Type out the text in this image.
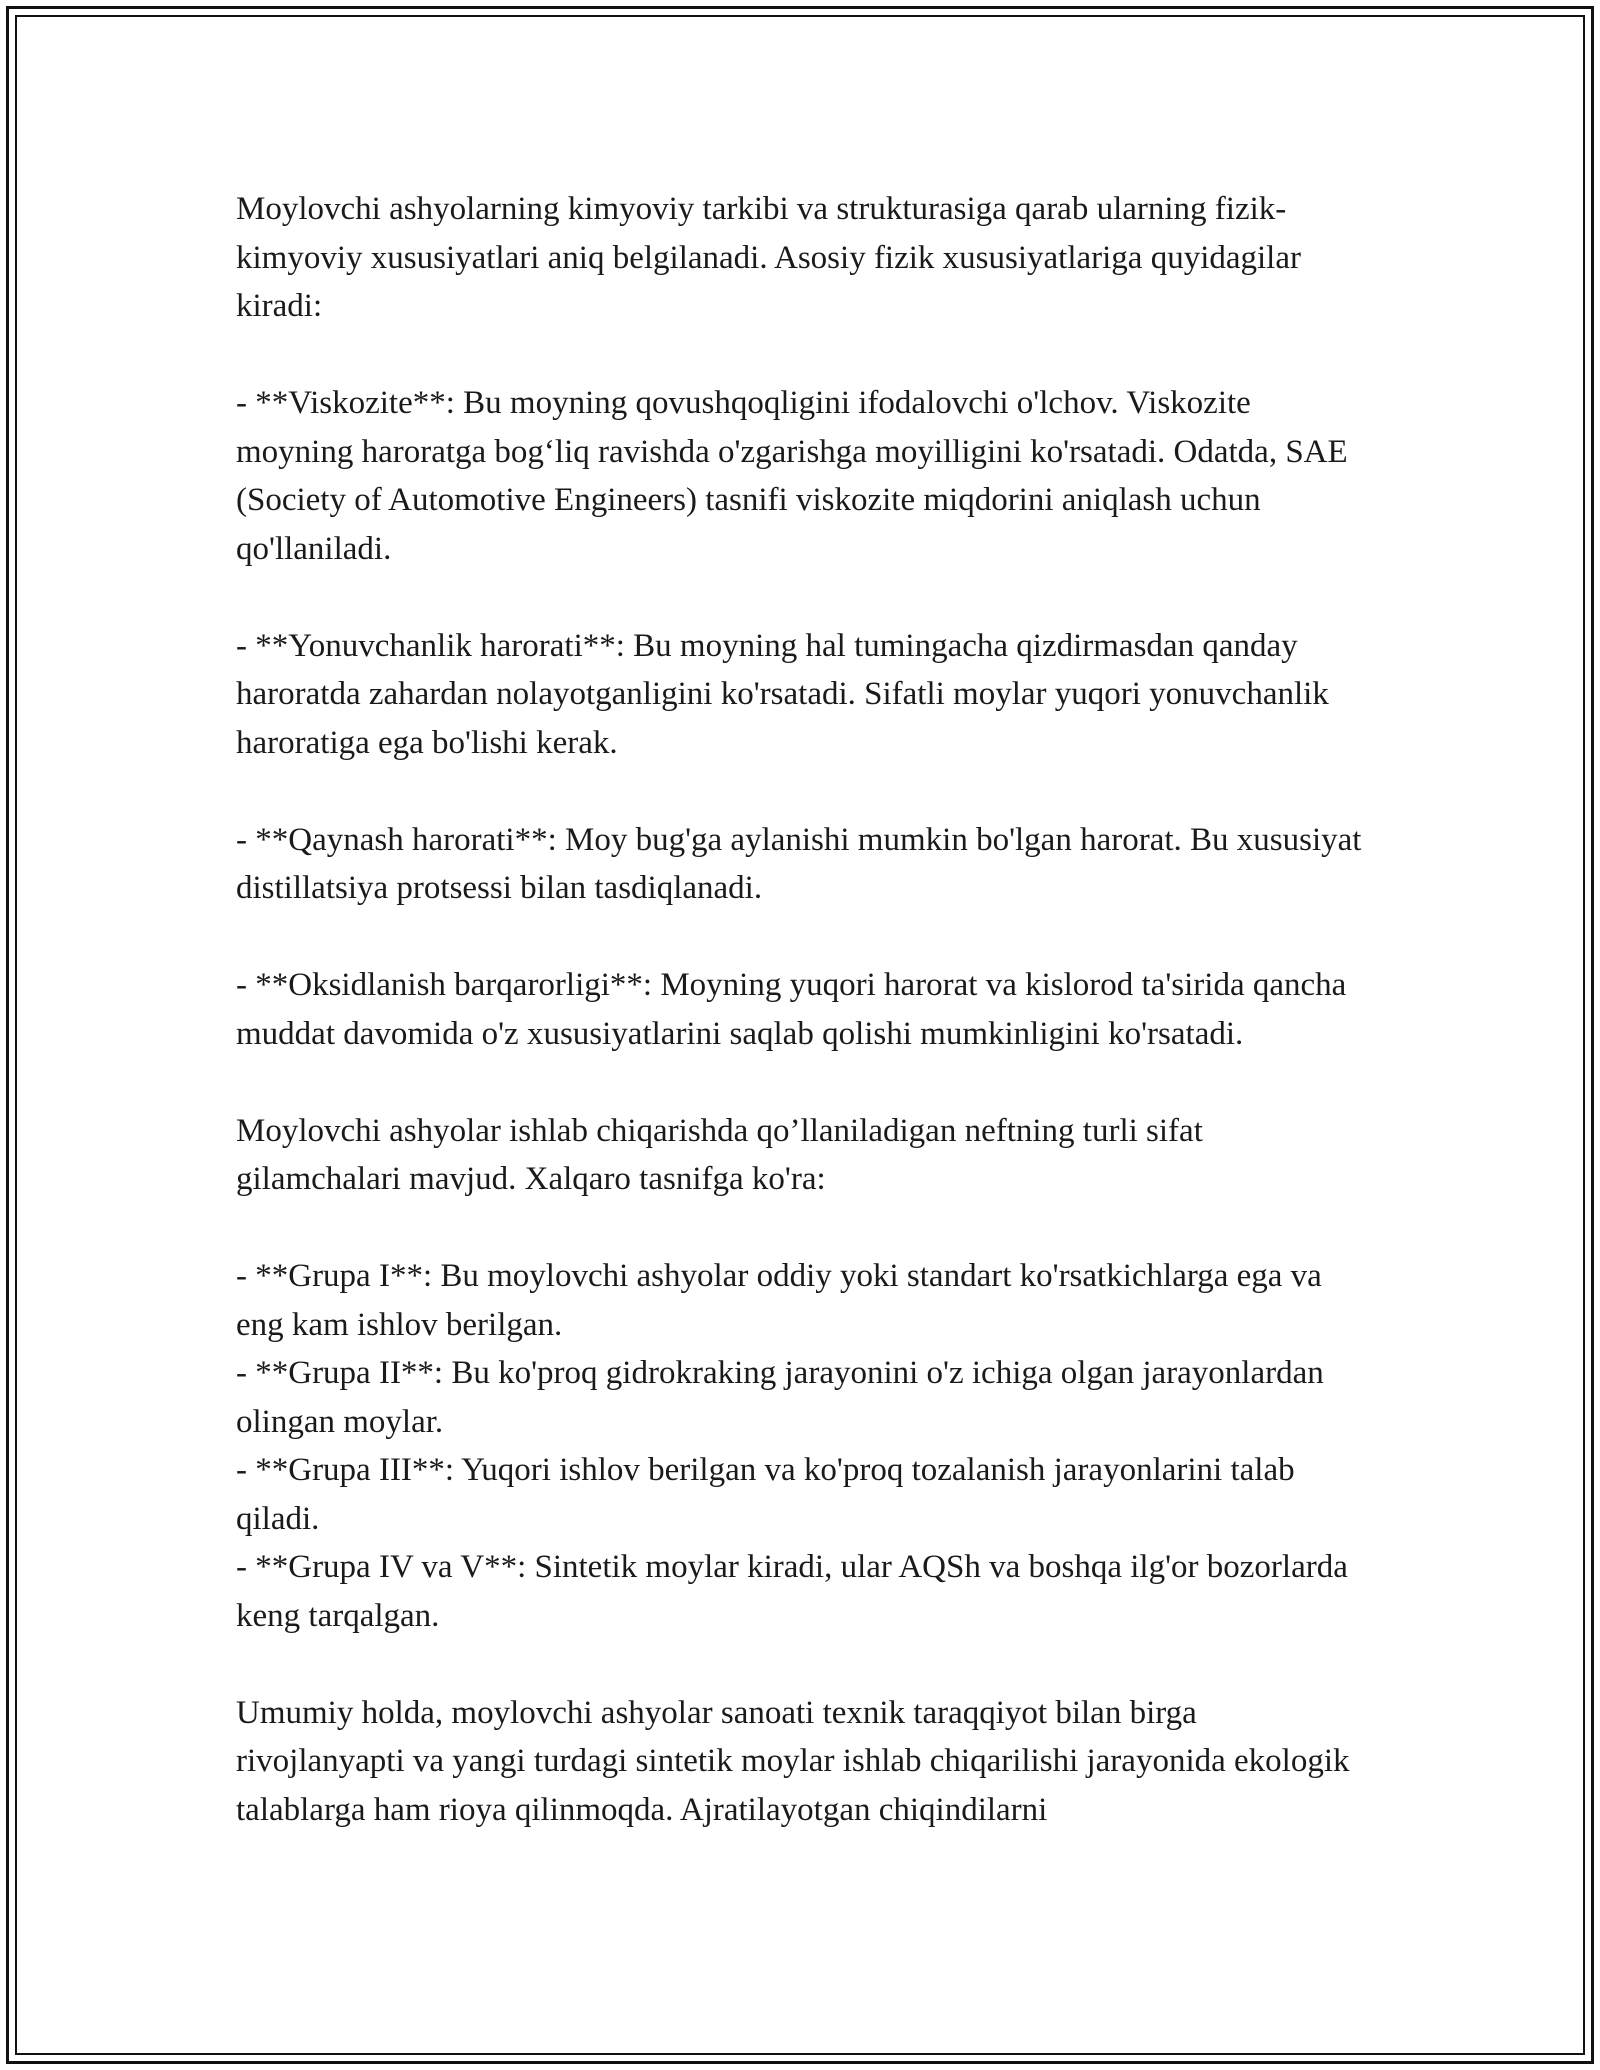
Moylovchi ashyolarning kimyoviy tarkibi va strukturasiga qarab ularning fizik-kimyoviy xususiyatlari aniq belgilanadi. Asosiy fizik xususiyatlariga quyidagilar kiradi:

- **Viskozite**: Bu moyning qovushqoqligini ifodalovchi o'lchov. Viskozite moyning haroratga bog‘liq ravishda o'zgarishga moyilligini ko'rsatadi. Odatda, SAE (Society of Automotive Engineers) tasnifi viskozite miqdorini aniqlash uchun qo'llaniladi.

- **Yonuvchanlik harorati**: Bu moyning hal tumingacha qizdirmasdan qanday haroratda zahardan nolayotganligini ko'rsatadi. Sifatli moylar yuqori yonuvchanlik haroratiga ega bo'lishi kerak.

- **Qaynash harorati**: Moy bug'ga aylanishi mumkin bo'lgan harorat. Bu xususiyat distillatsiya protsessi bilan tasdiqlanadi.

- **Oksidlanish barqarorligi**: Moyning yuqori harorat va kislorod ta'sirida qancha muddat davomida o'z xususiyatlarini saqlab qolishi mumkinligini ko'rsatadi.

Moylovchi ashyolar ishlab chiqarishda qo’llaniladigan neftning turli sifat gilamchalari mavjud. Xalqaro tasnifga ko'ra:

- **Grupa I**: Bu moylovchi ashyolar oddiy yoki standart ko'rsatkichlarga ega va eng kam ishlov berilgan.

- **Grupa II**: Bu ko'proq gidrokraking jarayonini o'z ichiga olgan jarayonlardan olingan moylar.

- **Grupa III**: Yuqori ishlov berilgan va ko'proq tozalanish jarayonlarini talab qiladi.

- **Grupa IV va V**: Sintetik moylar kiradi, ular AQSh va boshqa ilg'or bozorlarda keng tarqalgan.

Umumiy holda, moylovchi ashyolar sanoati texnik taraqqiyot bilan birga rivojlanyapti va yangi turdagi sintetik moylar ishlab chiqarilishi jarayonida ekologik talablarga ham rioya qilinmoqda. Ajratilayotgan chiqindilarni
